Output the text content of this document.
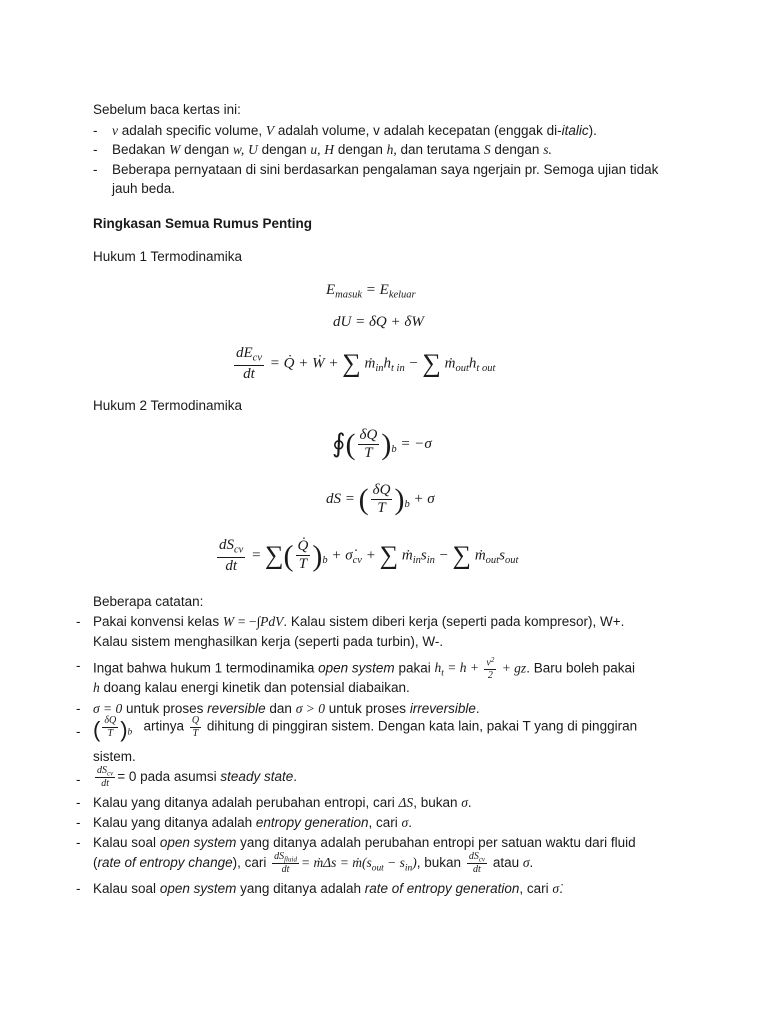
Sebelum baca kertas ini:
- v adalah specific volume, V adalah volume, v adalah kecepatan (enggak di-italic).
- Bedakan W dengan w, U dengan u, H dengan h, dan terutama S dengan s.
- Beberapa pernyataan di sini berdasarkan pengalaman saya ngerjain pr. Semoga ujian tidak
jauh beda.
Ringkasan Semua Rumus Penting
Hukum 1 Termodinamika
$E_{masuk} = E_{keluar}$
dU = δQ + δW
$\frac{dE_{cv}}{dt}$ = Q̇ + Ẇ + ∑ $ṁ_{in}h_{t in}$ − ∑ $ṁ_{out}h_{t out}$
Hukum 2 Termodinamika
∮( $\frac{\delta Q}{T} )_b = -\sigma$
dS = ( $\frac{\delta Q}{T} )_b + \sigma$
$\frac{dS_{cv}}{dt}$ = ∑( $\frac{Q̇}{T} )_b$ + $\sigmȧ_{cv}$ + ∑ $ṁ_{in}s_{in}$ − ∑ $ṁ_{out}s_{out}$
Beberapa catatan:
- Pakai konvensi kelas W = −∫PdV. Kalau sistem diberi kerja (seperti pada kompresor), W+.
Kalau sistem menghasilkan kerja (seperti pada turbin), W-.
- Ingat bahwa hukum 1 termodinamika open system pakai $h_t = h + \frac{v^2}{2}$ + gz. Baru boleh pakai
h doang kalau energi kinetik dan potensial diabaikan.
- σ = 0 untuk proses reversible dan σ > 0 untuk proses irreversible.
- ( $\frac{\delta Q}{T} )_b$ artinya $\frac{Q}{T}$ dihitung di pinggiran sistem. Dengan kata lain, pakai T yang di pinggiran
sistem.
- $\frac{dS_{cv}}{dt} = 0$ pada asumsi steady state.
- Kalau yang ditanya adalah perubahan entropi, cari ΔS, bukan σ.
- Kalau yang ditanya adalah entropy generation, cari σ.
- Kalau soal open system yang ditanya adalah perubahan entropi per satuan waktu dari fluid
(rate of entropy change), cari $\frac{dS_{fluid}}{dt}$ = ṁΔs = $ṁ(s_{out} - s_{in})$, bukan $\frac{dS_{cv}}{dt}$ atau σ.
- Kalau soal open system yang ditanya adalah rate of entropy generation, cari σ̇.
